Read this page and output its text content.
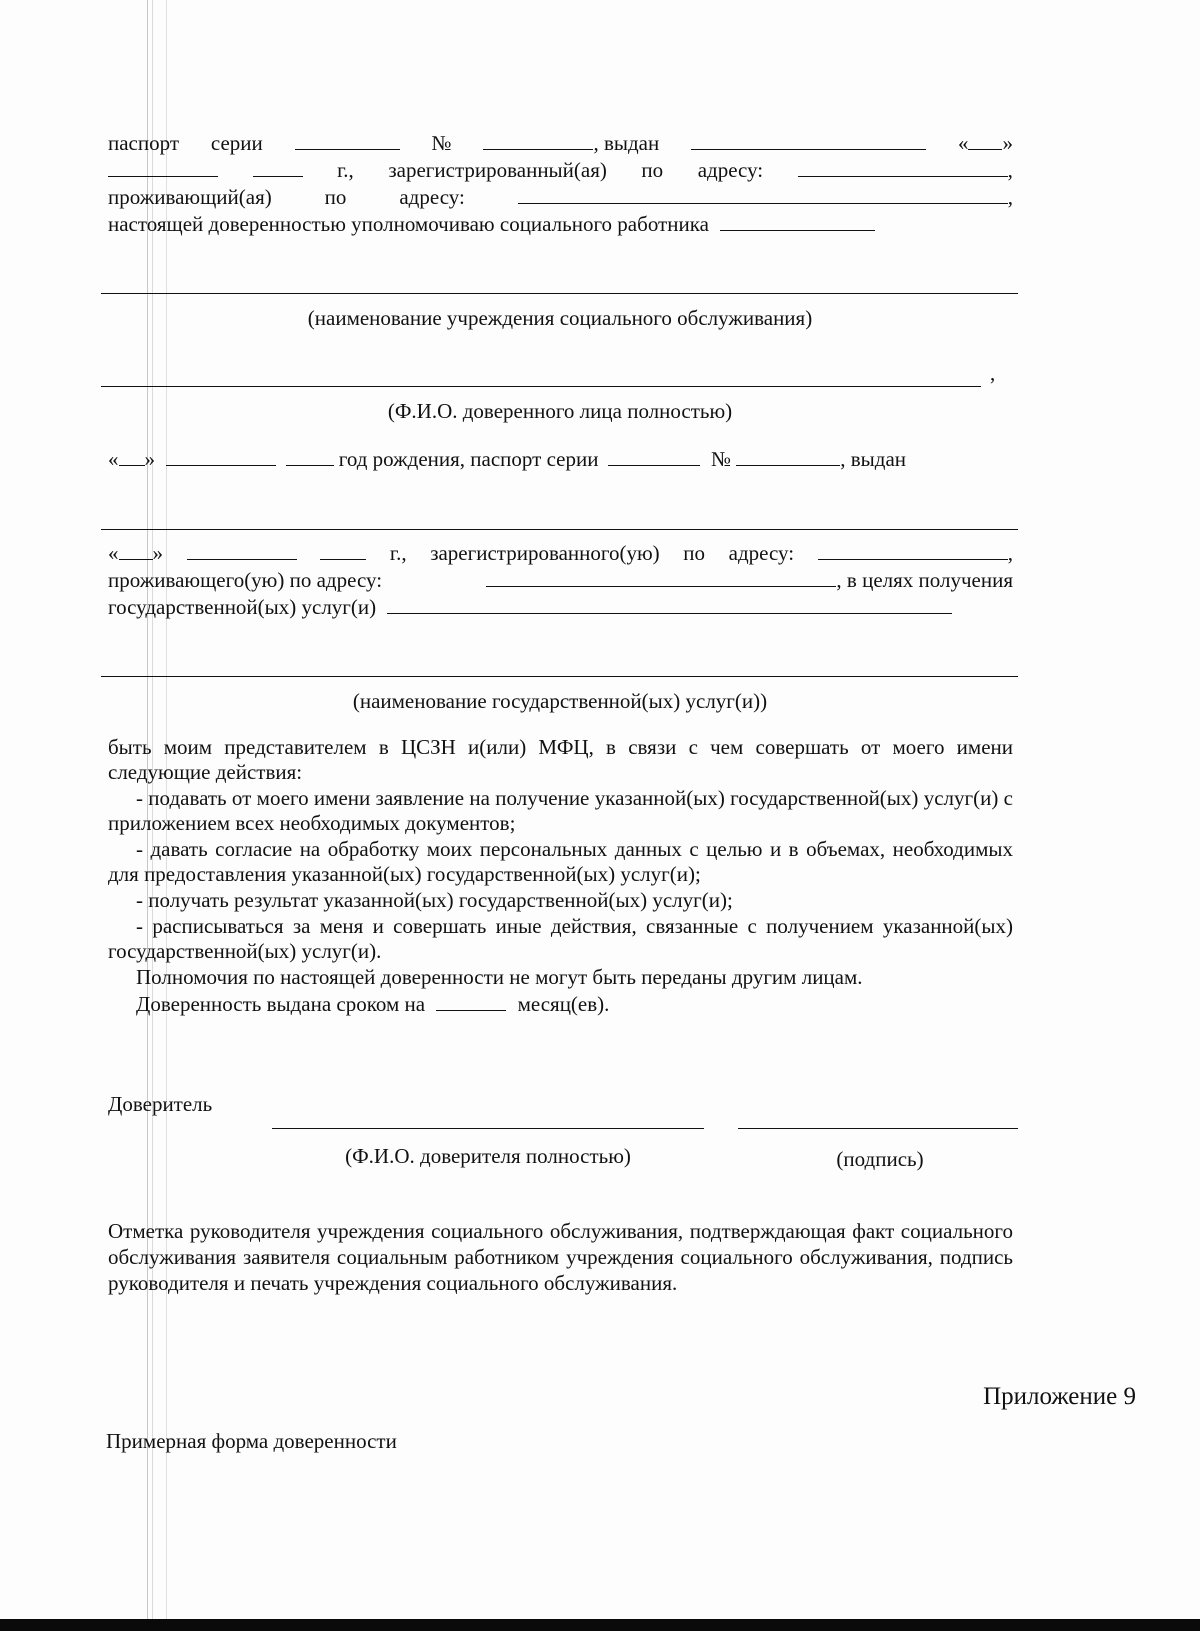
паспорт серии	№	, выдан	« »
г., зарегистрированный(ая) по адресу:	,
проживающий(ая)	по	адресу:	,
настоящей доверенностью уполномочиваю социального работника
(наименование учреждения социального обслуживания)
,
(Ф.И.О. доверенного лица полностью)
« »	год рождения, паспорт серии	№	, выдан
« »	г., зарегистрированного(ую) по адресу:	,
проживающего(ую) по адресу:	, в целях получения
государственной(ых) услуг(и)
(наименование государственной(ых) услуг(и))
быть моим представителем в ЦСЗН и(или) МФЦ, в связи с чем совершать от моего имени следующие действия:
- подавать от моего имени заявление на получение указанной(ых) государственной(ых) услуг(и) с приложением всех необходимых документов;
- давать согласие на обработку моих персональных данных с целью и в объемах, необходимых для предоставления указанной(ых) государственной(ых) услуг(и);
- получать результат указанной(ых) государственной(ых) услуг(и);
- расписываться за меня и совершать иные действия, связанные с получением указанной(ых) государственной(ых) услуг(и).
Полномочия по настоящей доверенности не могут быть переданы другим лицам.
Доверенность выдана сроком на	месяц(ев).
Доверитель
(Ф.И.О. доверителя полностью)	(подпись)
Отметка руководителя учреждения социального обслуживания, подтверждающая факт социального обслуживания заявителя социальным работником учреждения социального обслуживания, подпись руководителя и печать учреждения социального обслуживания.
Приложение 9
Примерная форма доверенности
